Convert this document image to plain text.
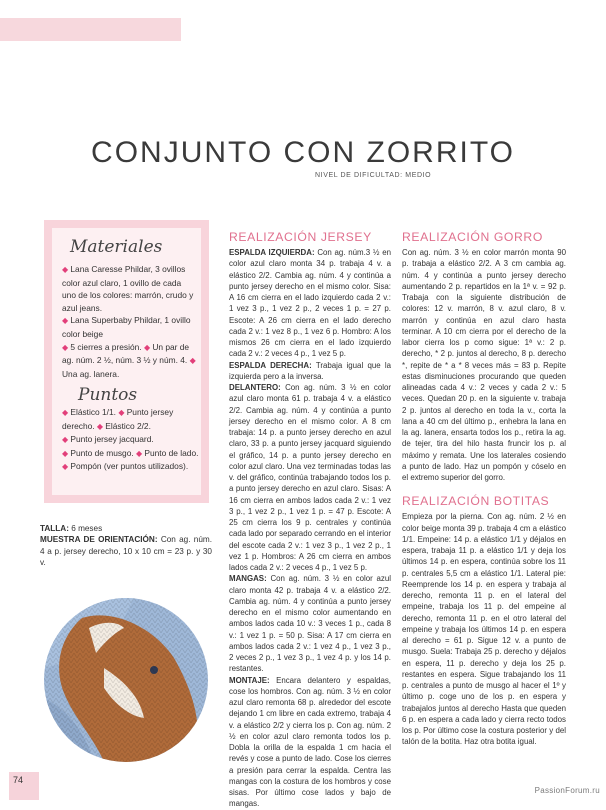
CONJUNTO CON ZORRITO
NIVEL DE DIFICULTAD: MEDIO
Materiales
◆ Lana Caresse Phildar, 3 ovillos color azul claro, 1 ovillo de cada uno de los colores: marrón, crudo y azul jeans.
◆ Lana Superbaby Phildar, 1 ovillo color beige
◆ 5 cierres a presión. ◆ Un par de ag. núm. 2 ½, núm. 3 ½ y núm. 4. ◆ Una ag. lanera.
Puntos
◆ Elástico 1/1. ◆ Punto jersey derecho. ◆ Elástico 2/2.
◆ Punto jersey jacquard.
◆ Punto de musgo. ◆ Punto de lado. ◆ Pompón (ver puntos utilizados).
TALLA: 6 meses
MUESTRA DE ORIENTACIÓN: Con ag. núm. 4 a p. jersey derecho, 10 x 10 cm = 23 p. y 30 v.
REALIZACIÓN JERSEY

ESPALDA IZQUIERDA: Con ag. núm.3 ½ en color azul claro monta 34 p. trabaja 4 v. a elástico 2/2. Cambia ag. núm. 4 y continúa a punto jersey derecho en el mismo color. Sisa: A 16 cm cierra en el lado izquierdo cada 2 v.: 1 vez 3 p., 1 vez 2 p., 2 veces 1 p. = 27 p. Escote: A 26 cm cierra en el lado derecho cada 2 v.: 1 vez 8 p., 1 vez 6 p. Hombro: A los mismos 26 cm cierra en el lado izquierdo cada 2 v.: 2 veces 4 p., 1 vez 5 p.

ESPALDA DERECHA: Trabaja igual que la izquierda pero a la inversa.

DELANTERO: Con ag. núm. 3 ½ en color azul claro monta 61 p. trabaja 4 v. a elástico 2/2. Cambia ag. núm. 4 y continúa a punto jersey derecho en el mismo color. A 8 cm trabaja: 14 p. a punto jersey derecho en azul claro, 33 p. a punto jersey jacquard siguiendo el gráfico, 14 p. a punto jersey derecho en color azul claro. Una vez terminadas todas las v. del gráfico, continúa trabajando todos los p. a punto jersey derecho en azul claro. Sisas: A 16 cm cierra en ambos lados cada 2 v.: 1 vez 3 p., 1 vez 2 p., 1 vez 1 p. = 47 p. Escote: A 25 cm cierra los 9 p. centrales y continúa cada lado por separado cerrando en el interior del escote cada 2 v.: 1 vez 3 p., 1 vez 2 p., 1 vez 1 p. Hombros: A 26 cm cierra en ambos lados cada 2 v.: 2 veces 4 p., 1 vez 5 p.

MANGAS: Con ag. núm. 3 ½ en color azul claro monta 42 p. trabaja 4 v. a elástico 2/2. Cambia ag. núm. 4 y continúa a punto jersey derecho en el mismo color aumentando en ambos lados cada 10 v.: 3 veces 1 p., cada 8 v.: 1 vez 1 p. = 50 p. Sisa: A 17 cm cierra en ambos lados cada 2 v.: 1 vez 4 p., 1 vez 3 p., 2 veces 2 p., 1 vez 3 p., 1 vez 4 p. y los 14 p. restantes.

MONTAJE: Encara delantero y espaldas, cose los hombros. Con ag. núm. 3 ½ en color azul claro remonta 68 p. alrededor del escote dejando 1 cm libre en cada extremo, trabaja 4 v. a elástico 2/2 y cierra los p. Con ag. núm. 2 ½ en color azul claro remonta todos los p. Dobla la orilla de la espalda 1 cm hacia el revés y cose a punto de lado. Cose los cierres a presión para cerrar la espalda. Centra las mangas con la costura de los hombros y cose sisas. Por último cose lados y bajo de mangas.

REALIZACIÓN GORRO

Con ag. núm. 3 ½ en color marrón monta 90 p. trabaja a elástico 2/2. A 3 cm cambia ag. núm. 4 y continúa a punto jersey derecho aumentando 2 p. repartidos en la 1ª v. = 92 p. Trabaja con la siguiente distribución de colores: 12 v. marrón, 8 v. azul claro, 8 v. marrón y continúa en azul claro hasta terminar. A 10 cm cierra por el derecho de la labor cierra los p como sigue: 1ª v.: 2 p. derecho, * 2 p. juntos al derecho, 8 p. derecho *, repite de * a * 8 veces más = 83 p. Repite estas disminuciones procurando que queden alineadas cada 4 v.: 2 veces y cada 2 v.: 5 veces. Quedan 20 p. en la siguiente v. trabaja 2 p. juntos al derecho en toda la v., corta la lana a 40 cm del último p., enhebra la lana en la ag. lanera, ensarta todos los p., retira la ag. de tejer, tira del hilo hasta fruncir los p. al máximo y remata. Une los laterales cosiendo a punto de lado. Haz un pompón y cóselo en el extremo superior del gorro.

REALIZACIÓN BOTITAS

Empieza por la pierna. Con ag. núm. 2 ½ en color beige monta 39 p. trabaja 4 cm a elástico 1/1. Empeine: 14 p. a elástico 1/1 y déjalos en espera, trabaja 11 p. a elástico 1/1 y deja los últimos 14 p. en espera, continúa sobre los 11 p. centrales 5,5 cm a elástico 1/1. Lateral pie: Reemprende los 14 p. en espera y trabaja al derecho, remonta 11 p. en el lateral del empeine, trabaja los 11 p. del empeine al derecho, remonta 11 p. en el otro lateral del empeine y trabaja los últimos 14 p. en espera al derecho = 61 p. Sigue 12 v. a punto de musgo. Suela: Trabaja 25 p. derecho y déjalos en espera, 11 p. derecho y deja los 25 p. restantes en espera. Sigue trabajando los 11 p. centrales a punto de musgo al hacer el 1º y último p. coge uno de los p. en espera y trabajalos juntos al derecho Hasta que queden 6 p. en espera a cada lado y cierra recto todos los p. Por último cose la costura posterior y del talón de la botita. Haz otra botita igual.

74
PassionForum.ru
